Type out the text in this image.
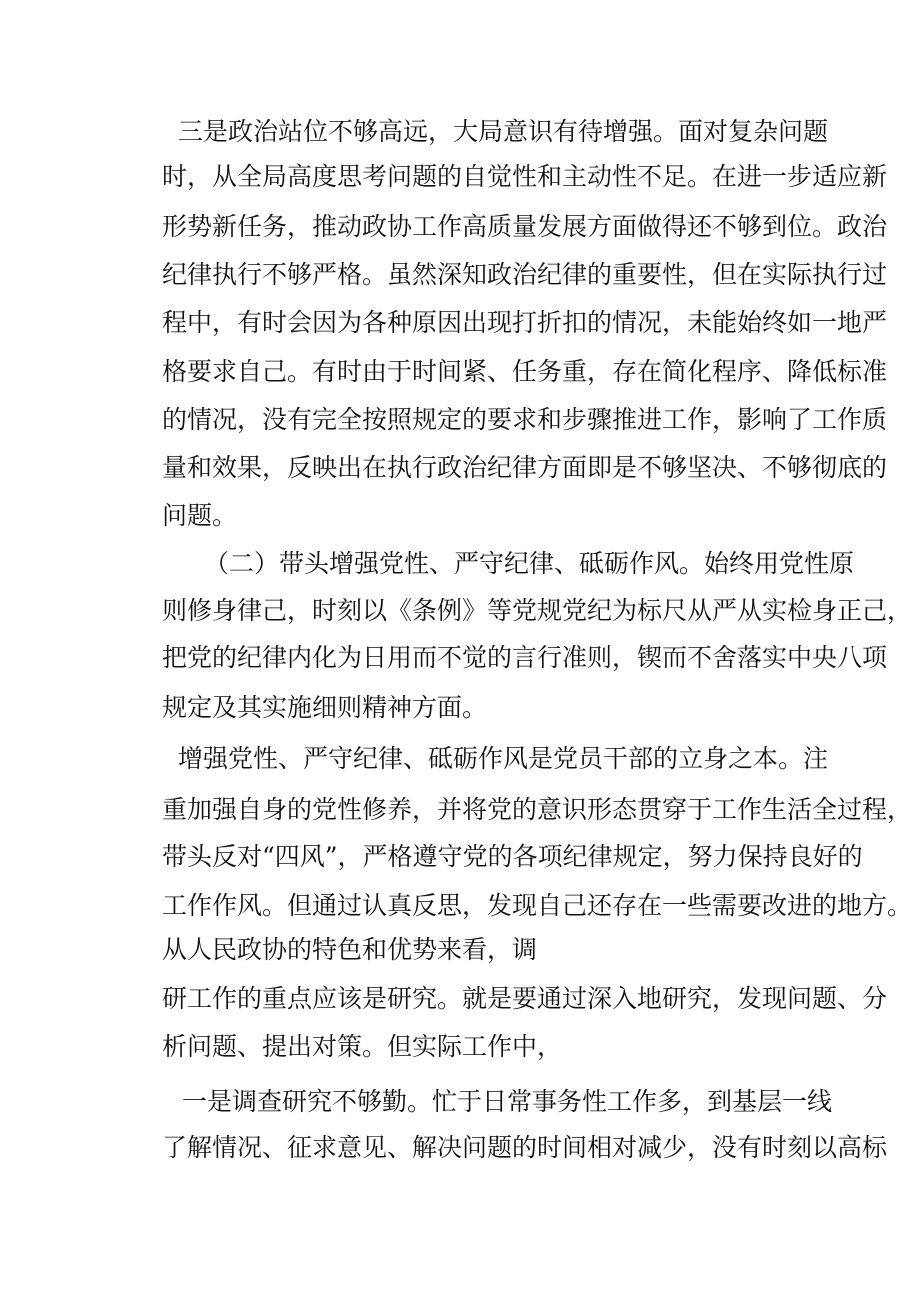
三是政治站位不够高远，大局意识有待增强。面对复杂问题
时，从全局高度思考问题的自觉性和主动性不足。在进一步适应新
形势新任务，推动政协工作高质量发展方面做得还不够到位。政治
纪律执行不够严格。虽然深知政治纪律的重要性，但在实际执行过
程中，有时会因为各种原因出现打折扣的情况，未能始终如一地严
格要求自己。有时由于时间紧、任务重，存在简化程序、降低标准
的情况，没有完全按照规定的要求和步骤推进工作，影响了工作质
量和效果，反映出在执行政治纪律方面即是不够坚决、不够彻底的
问题。
（二）带头增强党性、严守纪律、砥砺作风。始终用党性原
则修身律己，时刻以《条例》等党规党纪为标尺从严从实检身正己，
把党的纪律内化为日用而不觉的言行准则，锲而不舍落实中央八项
规定及其实施细则精神方面。
增强党性、严守纪律、砥砺作风是党员干部的立身之本。注
重加强自身的党性修养，并将党的意识形态贯穿于工作生活全过程，
带头反对“四风”，严格遵守党的各项纪律规定，努力保持良好的
工作作风。但通过认真反思，发现自己还存在一些需要改进的地方。
从人民政协的特色和优势来看，调
研工作的重点应该是研究。就是要通过深入地研究，发现问题、分
析问题、提出对策。但实际工作中，
一是调查研究不够勤。忙于日常事务性工作多，到基层一线
了解情况、征求意见、解决问题的时间相对减少，没有时刻以高标
